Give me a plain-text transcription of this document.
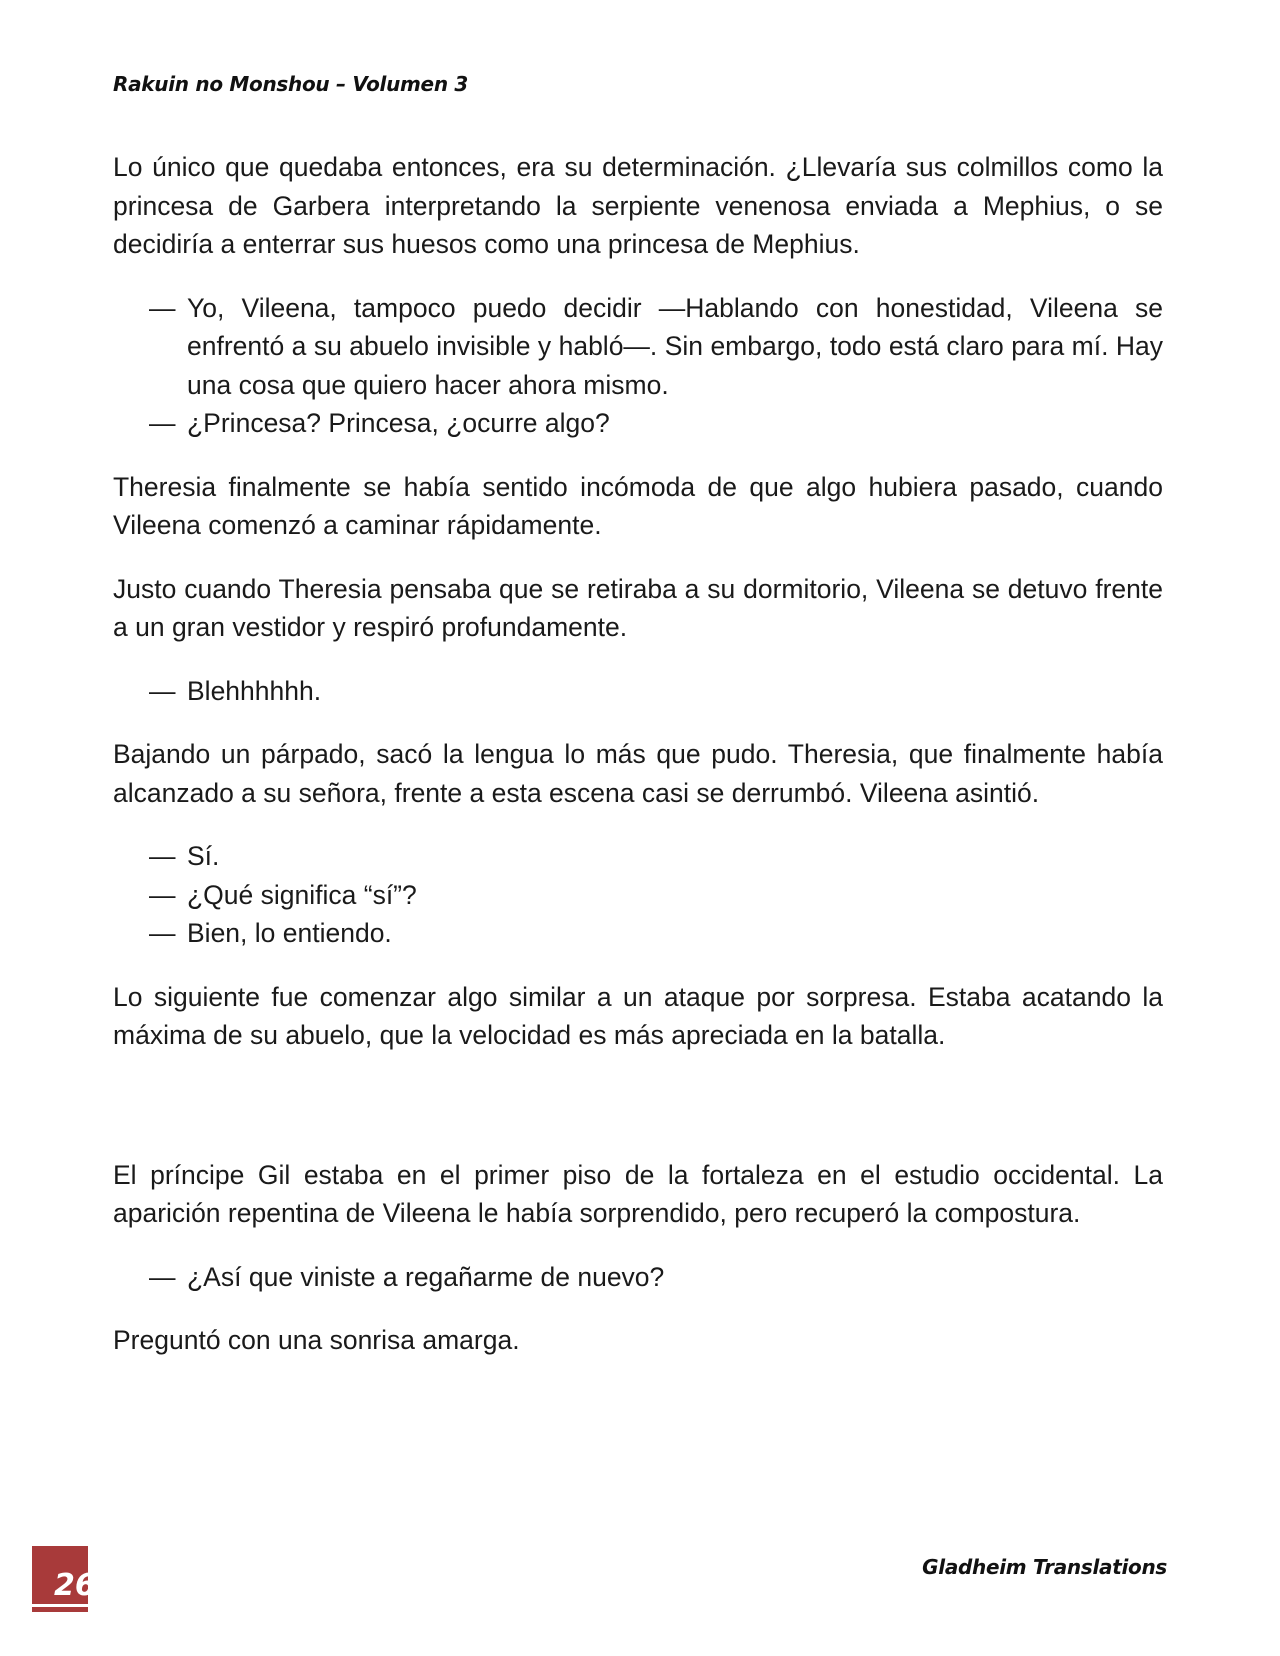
Rakuin no Monshou – Volumen 3

Lo único que quedaba entonces, era su determinación. ¿Llevaría sus colmillos como la princesa de Garbera interpretando la serpiente venenosa enviada a Mephius, o se decidiría a enterrar sus huesos como una princesa de Mephius.

— Yo, Vileena, tampoco puedo decidir —Hablando con honestidad, Vileena se enfrentó a su abuelo invisible y habló—. Sin embargo, todo está claro para mí. Hay una cosa que quiero hacer ahora mismo.
— ¿Princesa? Princesa, ¿ocurre algo?

Theresia finalmente se había sentido incómoda de que algo hubiera pasado, cuando Vileena comenzó a caminar rápidamente.

Justo cuando Theresia pensaba que se retiraba a su dormitorio, Vileena se detuvo frente a un gran vestidor y respiró profundamente.

— Blehhhhhh.

Bajando un párpado, sacó la lengua lo más que pudo. Theresia, que finalmente había alcanzado a su señora, frente a esta escena casi se derrumbó. Vileena asintió.

— Sí.
— ¿Qué significa “sí”?
— Bien, lo entiendo.

Lo siguiente fue comenzar algo similar a un ataque por sorpresa. Estaba acatando la máxima de su abuelo, que la velocidad es más apreciada en la batalla.

El príncipe Gil estaba en el primer piso de la fortaleza en el estudio occidental. La aparición repentina de Vileena le había sorprendido, pero recuperó la compostura.

— ¿Así que viniste a regañarme de nuevo?

Preguntó con una sonrisa amarga.

26
Gladheim Translations
